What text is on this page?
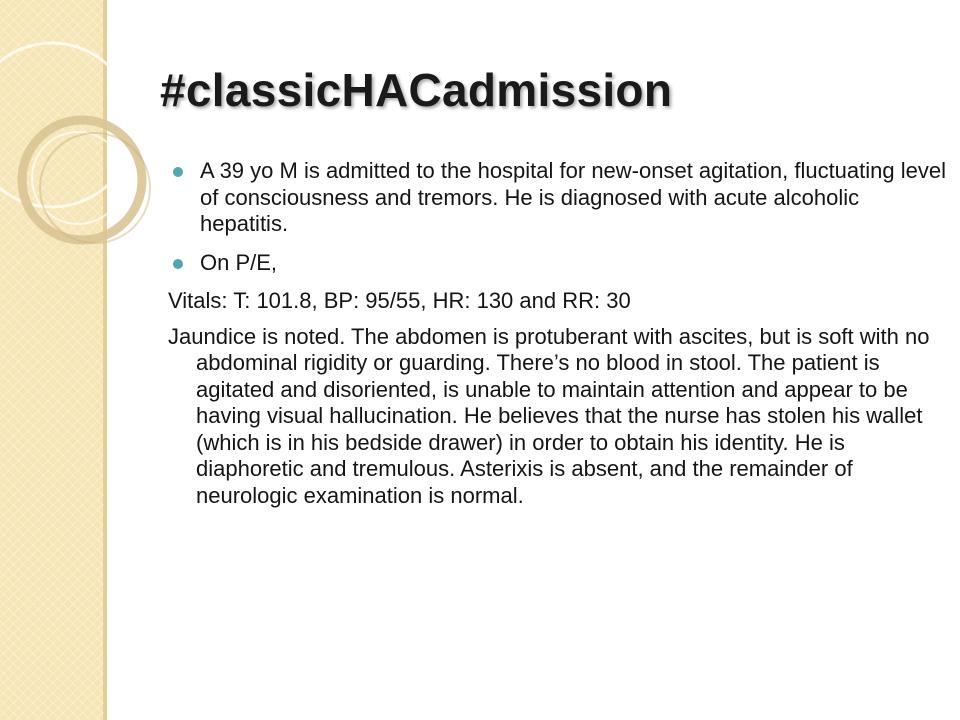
#classicHACadmission
A 39 yo M is admitted to the hospital for new-onset agitation, fluctuating level of consciousness and tremors. He is diagnosed with acute alcoholic hepatitis.
On P/E,
Vitals: T: 101.8, BP: 95/55, HR: 130 and RR: 30
Jaundice is noted. The abdomen is protuberant with ascites, but is soft with no abdominal rigidity or guarding. There’s no blood in stool. The patient is agitated and disoriented, is unable to maintain attention and appear to be having visual hallucination. He believes that the nurse has stolen his wallet (which is in his bedside drawer) in order to obtain his identity. He is diaphoretic and tremulous. Asterixis is absent, and the remainder of neurologic examination is normal.
